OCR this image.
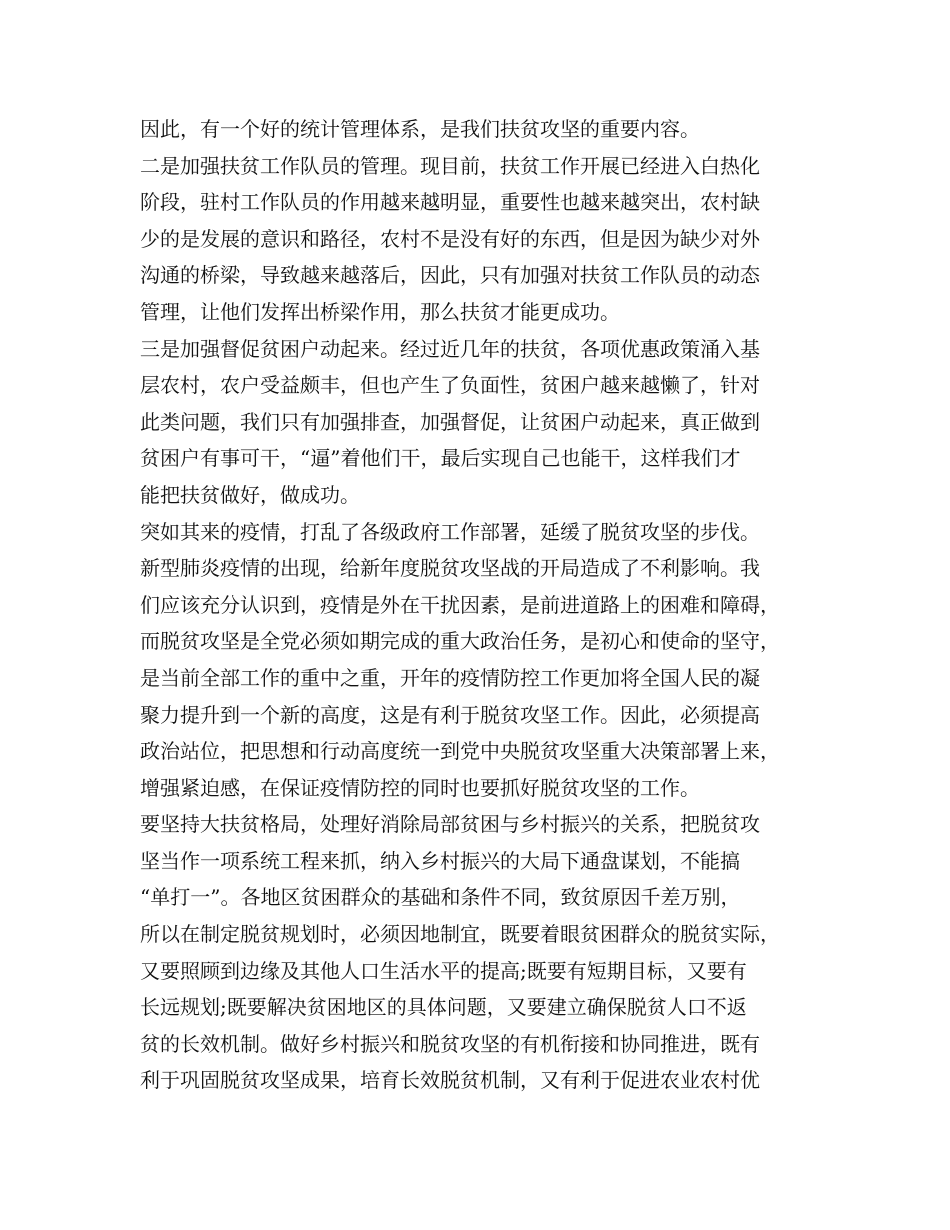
因此，有一个好的统计管理体系，是我们扶贫攻坚的重要内容。
二是加强扶贫工作队员的管理。现目前，扶贫工作开展已经进入白热化
阶段，驻村工作队员的作用越来越明显，重要性也越来越突出，农村缺
少的是发展的意识和路径，农村不是没有好的东西，但是因为缺少对外
沟通的桥梁，导致越来越落后，因此，只有加强对扶贫工作队员的动态
管理，让他们发挥出桥梁作用，那么扶贫才能更成功。
三是加强督促贫困户动起来。经过近几年的扶贫，各项优惠政策涌入基
层农村，农户受益颇丰，但也产生了负面性，贫困户越来越懒了，针对
此类问题，我们只有加强排查，加强督促，让贫困户动起来，真正做到
贫困户有事可干，“逼”着他们干，最后实现自己也能干，这样我们才
能把扶贫做好，做成功。
突如其来的疫情，打乱了各级政府工作部署，延缓了脱贫攻坚的步伐。
新型肺炎疫情的出现，给新年度脱贫攻坚战的开局造成了不利影响。我
们应该充分认识到，疫情是外在干扰因素，是前进道路上的困难和障碍，
而脱贫攻坚是全党必须如期完成的重大政治任务，是初心和使命的坚守，
是当前全部工作的重中之重，开年的疫情防控工作更加将全国人民的凝
聚力提升到一个新的高度，这是有利于脱贫攻坚工作。因此，必须提高
政治站位，把思想和行动高度统一到党中央脱贫攻坚重大决策部署上来，
增强紧迫感，在保证疫情防控的同时也要抓好脱贫攻坚的工作。
要坚持大扶贫格局，处理好消除局部贫困与乡村振兴的关系，把脱贫攻
坚当作一项系统工程来抓，纳入乡村振兴的大局下通盘谋划，不能搞
“单打一”。各地区贫困群众的基础和条件不同，致贫原因千差万别，
所以在制定脱贫规划时，必须因地制宜，既要着眼贫困群众的脱贫实际，
又要照顾到边缘及其他人口生活水平的提高;既要有短期目标，又要有
长远规划;既要解决贫困地区的具体问题，又要建立确保脱贫人口不返
贫的长效机制。做好乡村振兴和脱贫攻坚的有机衔接和协同推进，既有
利于巩固脱贫攻坚成果，培育长效脱贫机制，又有利于促进农业农村优
